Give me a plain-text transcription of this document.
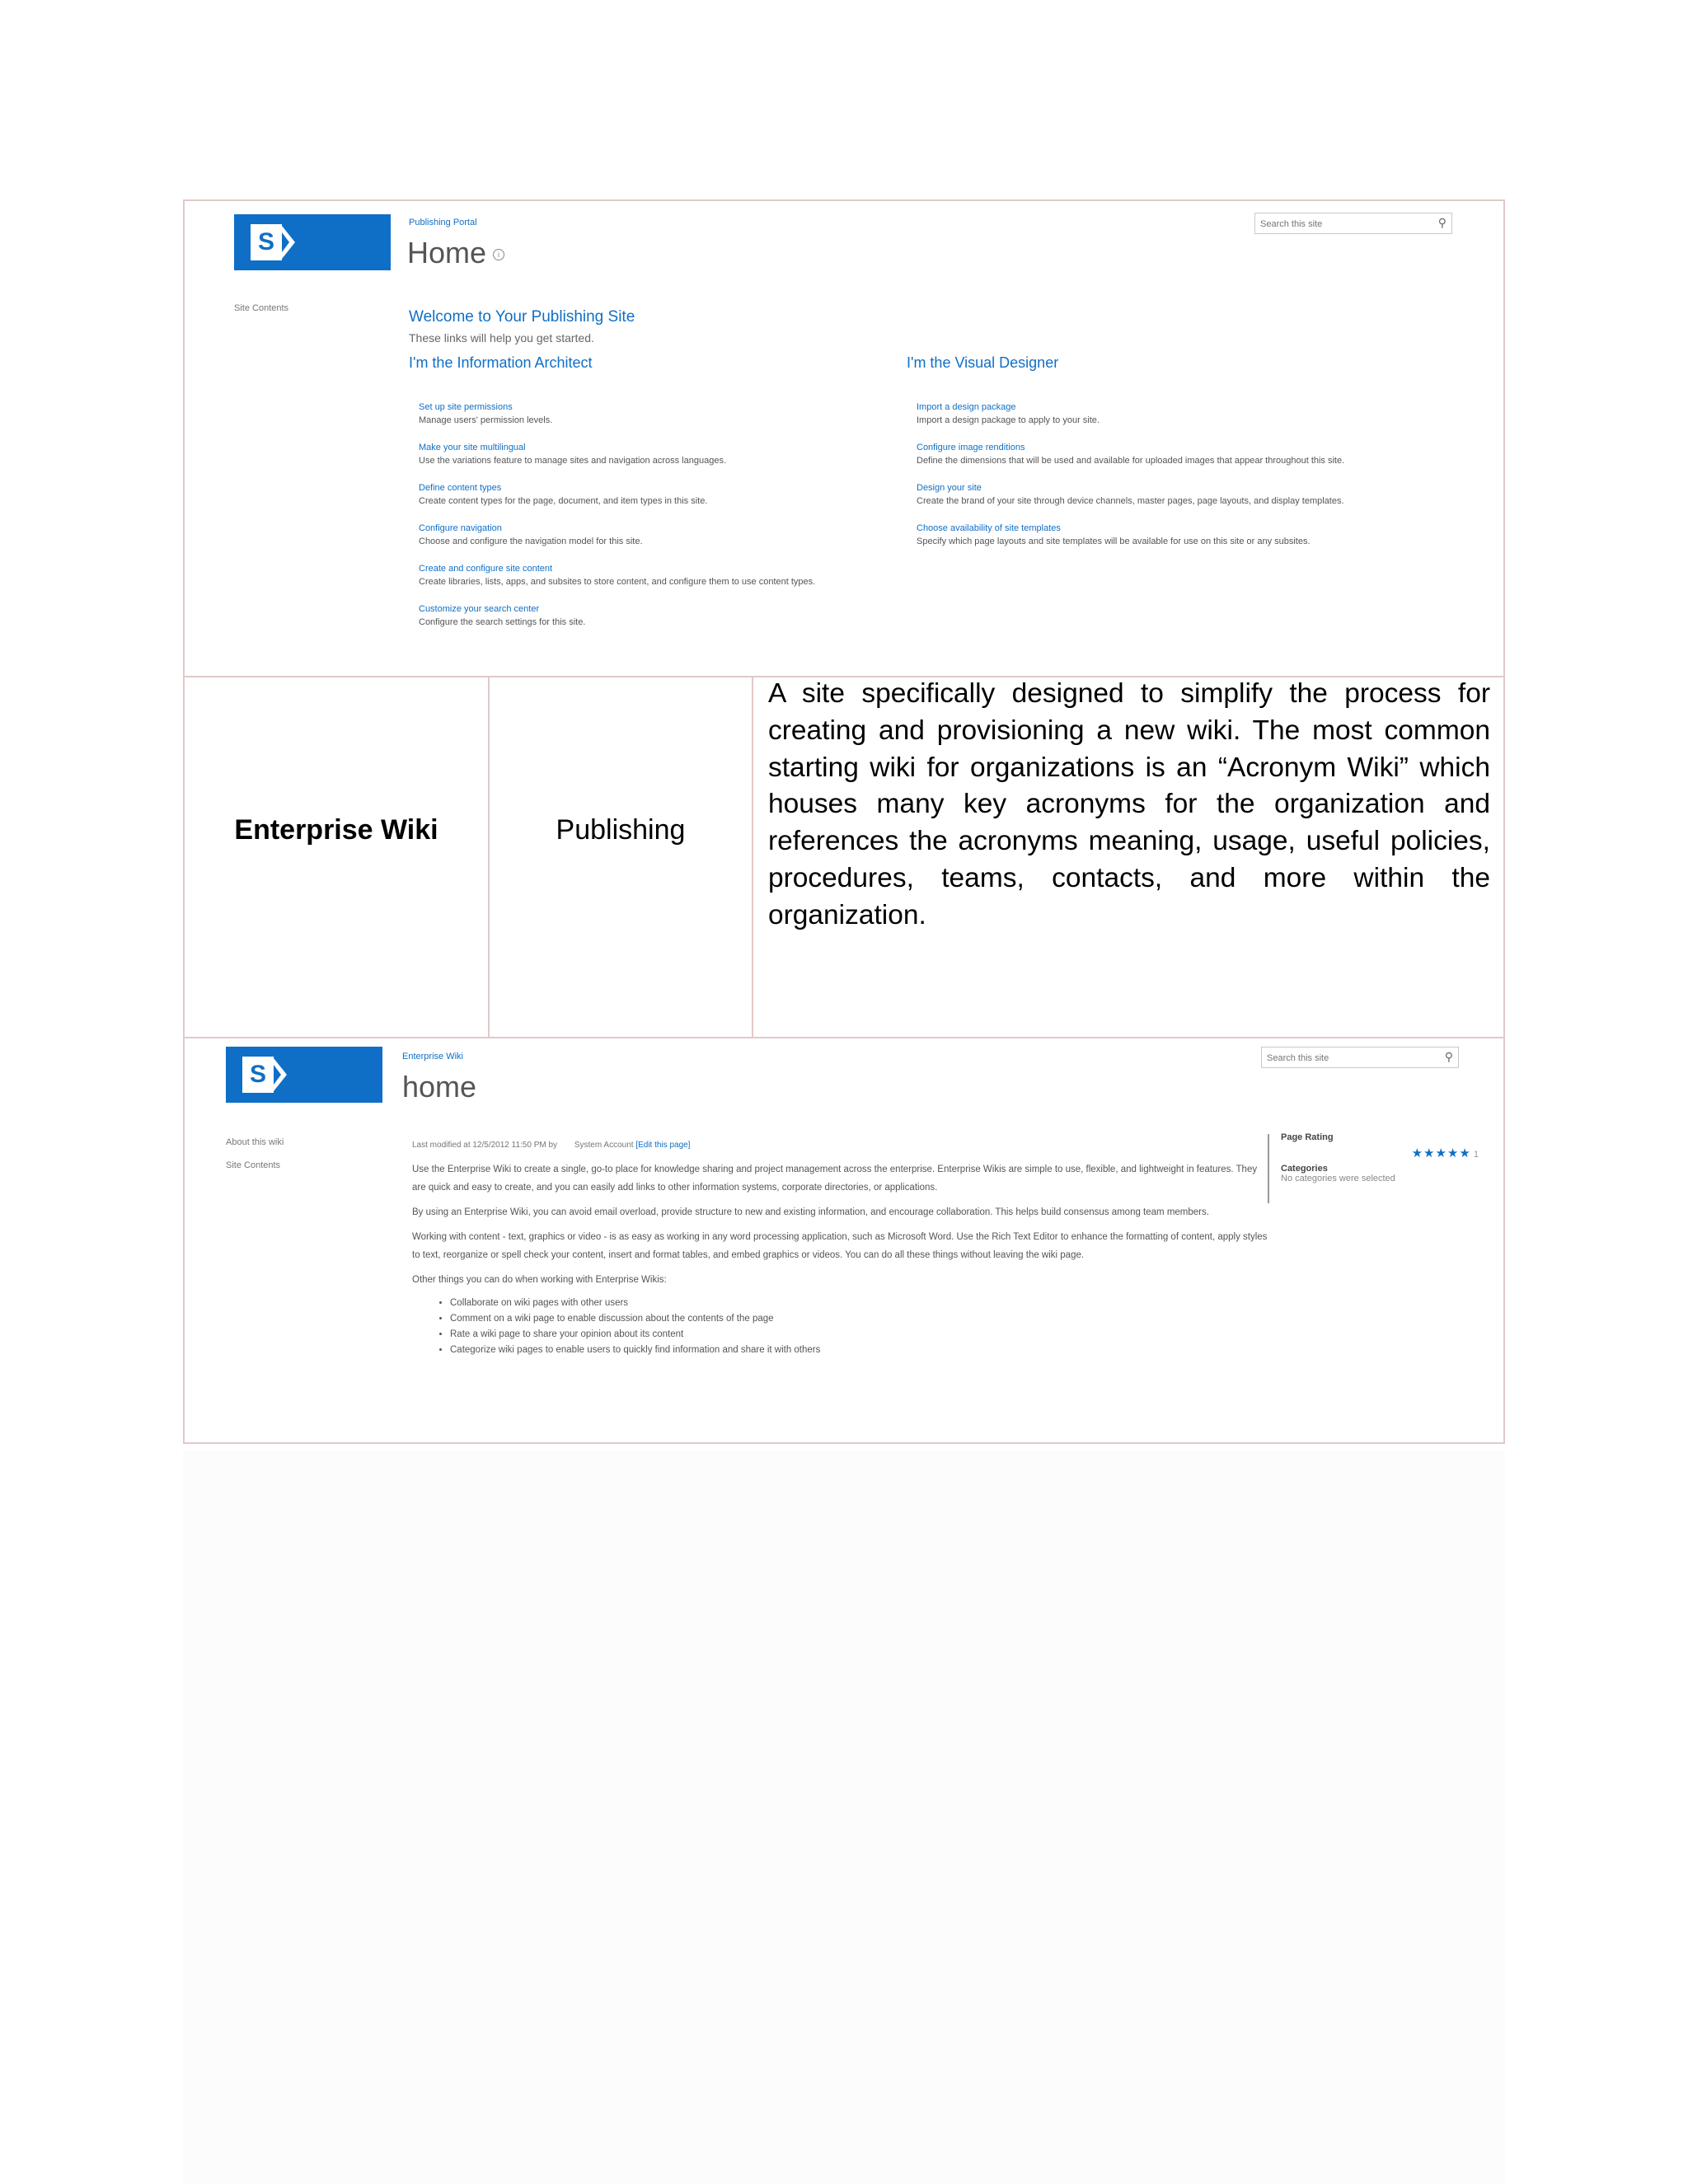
S
Publishing Portal
Home i
Search this site
⚲
Site Contents	Welcome to Your Publishing Site
These links will help you get started.
I'm the Information Architect	I'm the Visual Designer
Set up site permissions
Manage users' permission levels.
Make your site multilingual
Use the variations feature to manage sites and navigation across languages.
Define content types
Create content types for the page, document, and item types in this site.
Configure navigation
Choose and configure the navigation model for this site.
Create and configure site content
Create libraries, lists, apps, and subsites to store content, and configure them to use content types.
Customize your search center
Configure the search settings for this site.
Import a design package
Import a design package to apply to your site.
Configure image renditions
Define the dimensions that will be used and available for uploaded images that appear throughout this site.
Design your site
Create the brand of your site through device channels, master pages, page layouts, and display templates.
Choose availability of site templates
Specify which page layouts and site templates will be available for use on this site or any subsites.
Enterprise Wiki	Publishing
A site specifically designed to simplify the process for creating and provisioning a new wiki. The most common starting wiki for organizations is an “Acronym Wiki” which houses many key acronyms for the organization and references the acronyms meaning, usage, useful policies, procedures, teams, contacts, and more within the organization.
S
Enterprise Wiki
home
Search this site
⚲
About this wiki
Site Contents
Last modified at 12/5/2012 11:50 PM by System Account [Edit this page]

Use the Enterprise Wiki to create a single, go-to place for knowledge sharing and project management across the enterprise. Enterprise Wikis are simple to use, flexible, and lightweight in features. They are quick and easy to create, and you can easily add links to other information systems, corporate directories, or applications.

By using an Enterprise Wiki, you can avoid email overload, provide structure to new and existing information, and encourage collaboration. This helps build consensus among team members.

Working with content - text, graphics or video - is as easy as working in any word processing application, such as Microsoft Word. Use the Rich Text Editor to enhance the formatting of content, apply styles to text, reorganize or spell check your content, insert and format tables, and embed graphics or videos. You can do all these things without leaving the wiki page.

Other things you can do when working with Enterprise Wikis:

• Collaborate on wiki pages with other users
• Comment on a wiki page to enable discussion about the contents of the page
• Rate a wiki page to share your opinion about its content
• Categorize wiki pages to enable users to quickly find information and share it with others
Page Rating
★★★★★ 1
Categories
No categories were selected
